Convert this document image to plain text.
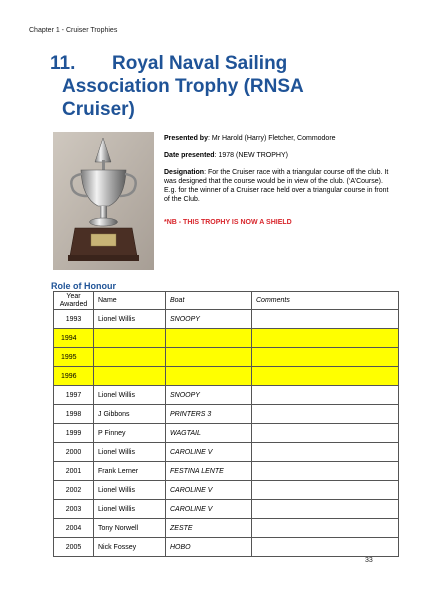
Chapter 1 - Cruiser Trophies
11. Royal Naval Sailing
Association Trophy (RNSA
Cruiser)

Presented by: Mr Harold (Harry) Fletcher, Commodore

Date presented: 1978 (NEW TROPHY)

Designation: For the Cruiser race with a triangular course off the club. It was designed that the course would be in view of the club. (‘A’Course). E.g. for the winner of a Cruiser race held over a triangular course in front of the Club.

*NB - THIS TROPHY IS NOW A SHIELD

Role of Honour
Year
Awarded	Name	Boat	Comments
1993	Lionel Willis	SNOOPY	
1994			
1995			
1996			
1997	Lionel Willis	SNOOPY	
1998	J Gibbons	PRINTERS 3	
1999	P Finney	WAGTAIL	
2000	Lionel Willis	CAROLINE V	
2001	Frank Lerner	FESTINA LENTE	
2002	Lionel Willis	CAROLINE V	
2003	Lionel Willis	CAROLINE V	
2004	Tony Norwell	ZESTE	
2005	Nick Fossey	HOBO	
33
